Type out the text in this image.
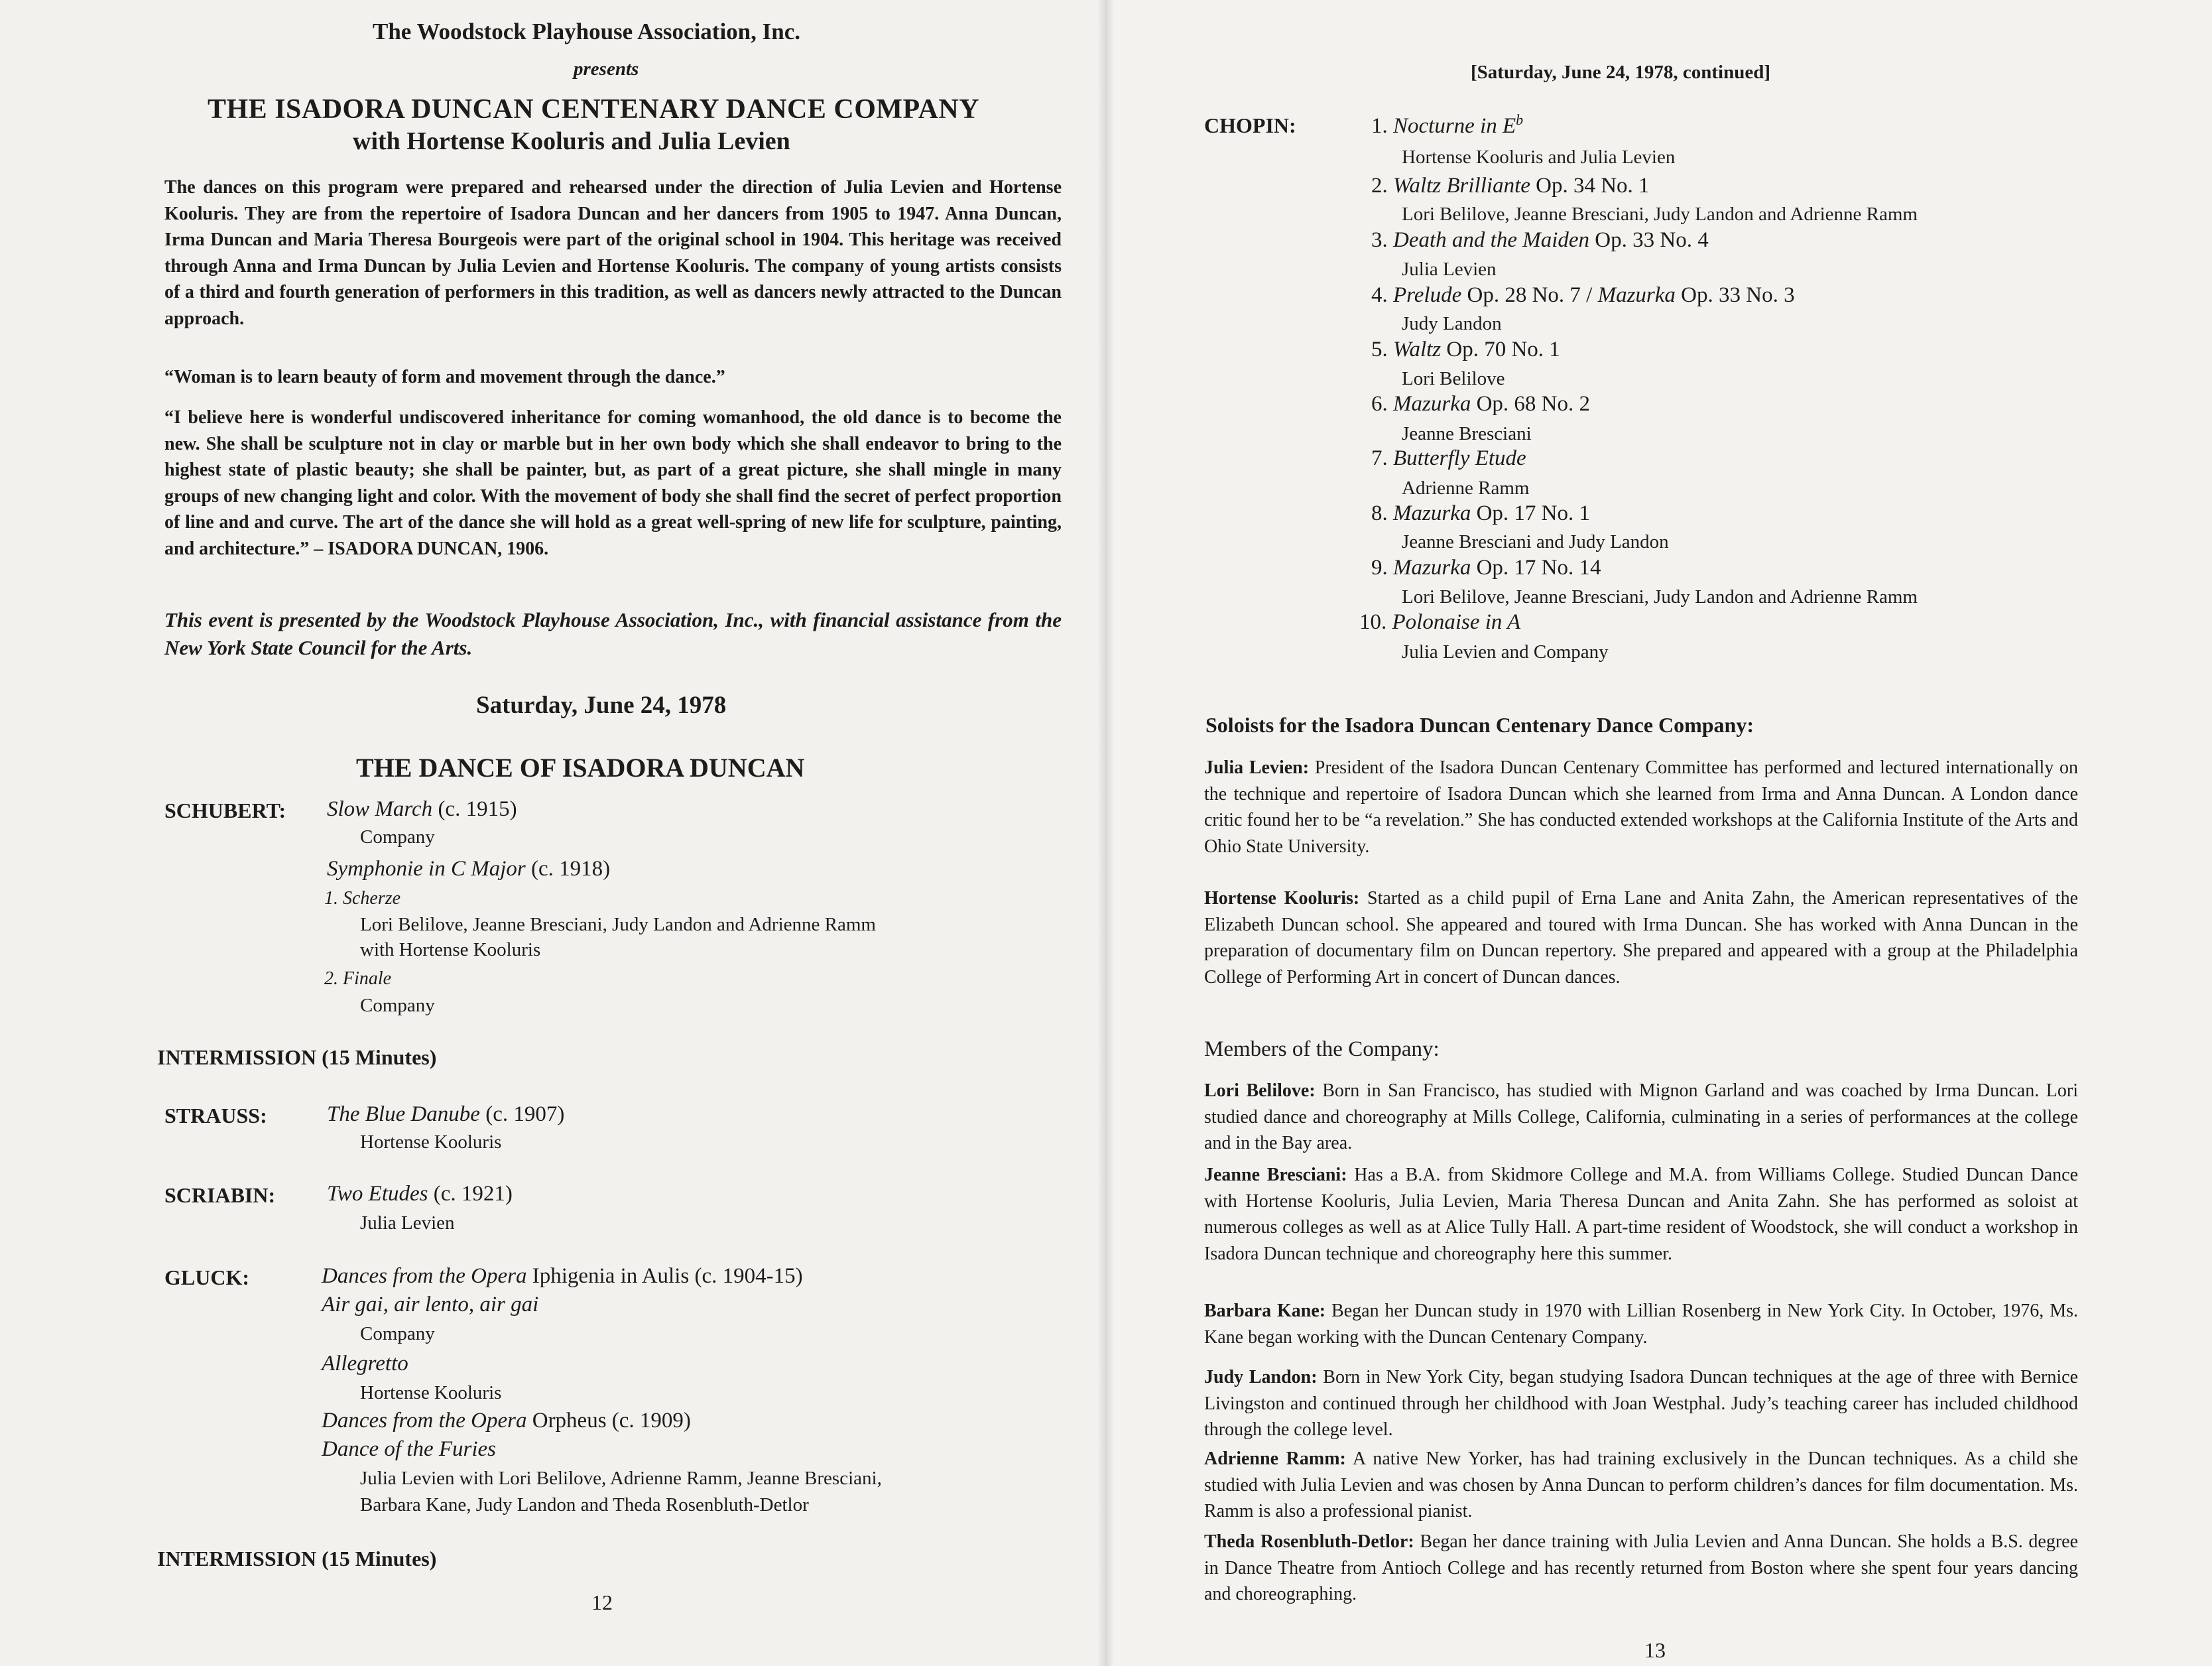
The Woodstock Playhouse Association, Inc.
presents
THE ISADORA DUNCAN CENTENARY DANCE COMPANY
with Hortense Kooluris and Julia Levien
The dances on this program were prepared and rehearsed under the direction of Julia Levien and Hortense Kooluris. They are from the repertoire of Isadora Duncan and her dancers from 1905 to 1947. Anna Duncan, Irma Duncan and Maria Theresa Bourgeois were part of the original school in 1904. This heritage was received through Anna and Irma Duncan by Julia Levien and Hortense Kooluris. The company of young artists consists of a third and fourth generation of performers in this tradition, as well as dancers newly attracted to the Duncan approach.
“Woman is to learn beauty of form and movement through the dance.”
“I believe here is wonderful undiscovered inheritance for coming womanhood, the old dance is to become the new. She shall be sculpture not in clay or marble but in her own body which she shall endeavor to bring to the highest state of plastic beauty; she shall be painter, but, as part of a great picture, she shall mingle in many groups of new changing light and color. With the movement of body she shall find the secret of perfect proportion of line and and curve. The art of the dance she will hold as a great well-spring of new life for sculpture, painting, and architecture.” – ISADORA DUNCAN, 1906.
This event is presented by the Woodstock Playhouse Association, Inc., with financial assistance from the New York State Council for the Arts.
Saturday, June 24, 1978
THE DANCE OF ISADORA DUNCAN
SCHUBERT: Slow March (c. 1915)
Company
Symphonie in C Major (c. 1918)
1. Scherze
Lori Belilove, Jeanne Bresciani, Judy Landon and Adrienne Ramm
with Hortense Kooluris
2. Finale
Company
INTERMISSION (15 Minutes)
STRAUSS:	The Blue Danube (c. 1907)
Hortense Kooluris
SCRIABIN: Two Etudes (c. 1921)
Julia Levien
GLUCK:	Dances from the Opera Iphigenia in Aulis (c. 1904-15)
Air gai, air lento, air gai
Company
Allegretto
Hortense Kooluris
Dances from the Opera Orpheus (c. 1909)
Dance of the Furies
Julia Levien with Lori Belilove, Adrienne Ramm, Jeanne Bresciani,
Barbara Kane, Judy Landon and Theda Rosenbluth-Detlor
INTERMISSION (15 Minutes)
12
[Saturday, June 24, 1978, continued]
CHOPIN:	1. Nocturne in $E^b$
Hortense Kooluris and Julia Levien
2. Waltz Brilliante Op. 34 No. 1
Lori Belilove, Jeanne Bresciani, Judy Landon and Adrienne Ramm
3. Death and the Maiden Op. 33 No. 4
Julia Levien
4. Prelude Op. 28 No. 7 / Mazurka Op. 33 No. 3
Judy Landon
5. Waltz Op. 70 No. 1
Lori Belilove
6. Mazurka Op. 68 No. 2
Jeanne Bresciani
7. Butterfly Etude
Adrienne Ramm
8. Mazurka Op. 17 No. 1
Jeanne Bresciani and Judy Landon
9. Mazurka Op. 17 No. 14
Lori Belilove, Jeanne Bresciani, Judy Landon and Adrienne Ramm
10. Polonaise in A
Julia Levien and Company
Soloists for the Isadora Duncan Centenary Dance Company:
Julia Levien: President of the Isadora Duncan Centenary Committee has performed and lectured internationally on the technique and repertoire of Isadora Duncan which she learned from Irma and Anna Duncan. A London dance critic found her to be “a revelation.” She has conducted extended workshops at the California Institute of the Arts and Ohio State University.
Hortense Kooluris: Started as a child pupil of Erna Lane and Anita Zahn, the American representatives of the Elizabeth Duncan school. She appeared and toured with Irma Duncan. She has worked with Anna Duncan in the preparation of documentary film on Duncan repertory. She prepared and appeared with a group at the Philadelphia College of Performing Art in concert of Duncan dances.
Members of the Company:
Lori Belilove: Born in San Francisco, has studied with Mignon Garland and was coached by Irma Duncan. Lori studied dance and choreography at Mills College, California, culminating in a series of performances at the college and in the Bay area.
Jeanne Bresciani: Has a B.A. from Skidmore College and M.A. from Williams College. Studied Duncan Dance with Hortense Kooluris, Julia Levien, Maria Theresa Duncan and Anita Zahn. She has performed as soloist at numerous colleges as well as at Alice Tully Hall. A part-time resident of Woodstock, she will conduct a workshop in Isadora Duncan technique and choreography here this summer.
Barbara Kane: Began her Duncan study in 1970 with Lillian Rosenberg in New York City. In October, 1976, Ms. Kane began working with the Duncan Centenary Company.
Judy Landon: Born in New York City, began studying Isadora Duncan techniques at the age of three with Bernice Livingston and continued through her childhood with Joan Westphal. Judy’s teaching career has included childhood through the college level.
Adrienne Ramm: A native New Yorker, has had training exclusively in the Duncan techniques. As a child she studied with Julia Levien and was chosen by Anna Duncan to perform children’s dances for film documentation. Ms. Ramm is also a professional pianist.
Theda Rosenbluth-Detlor: Began her dance training with Julia Levien and Anna Duncan. She holds a B.S. degree in Dance Theatre from Antioch College and has recently returned from Boston where she spent four years dancing and choreographing.
13
